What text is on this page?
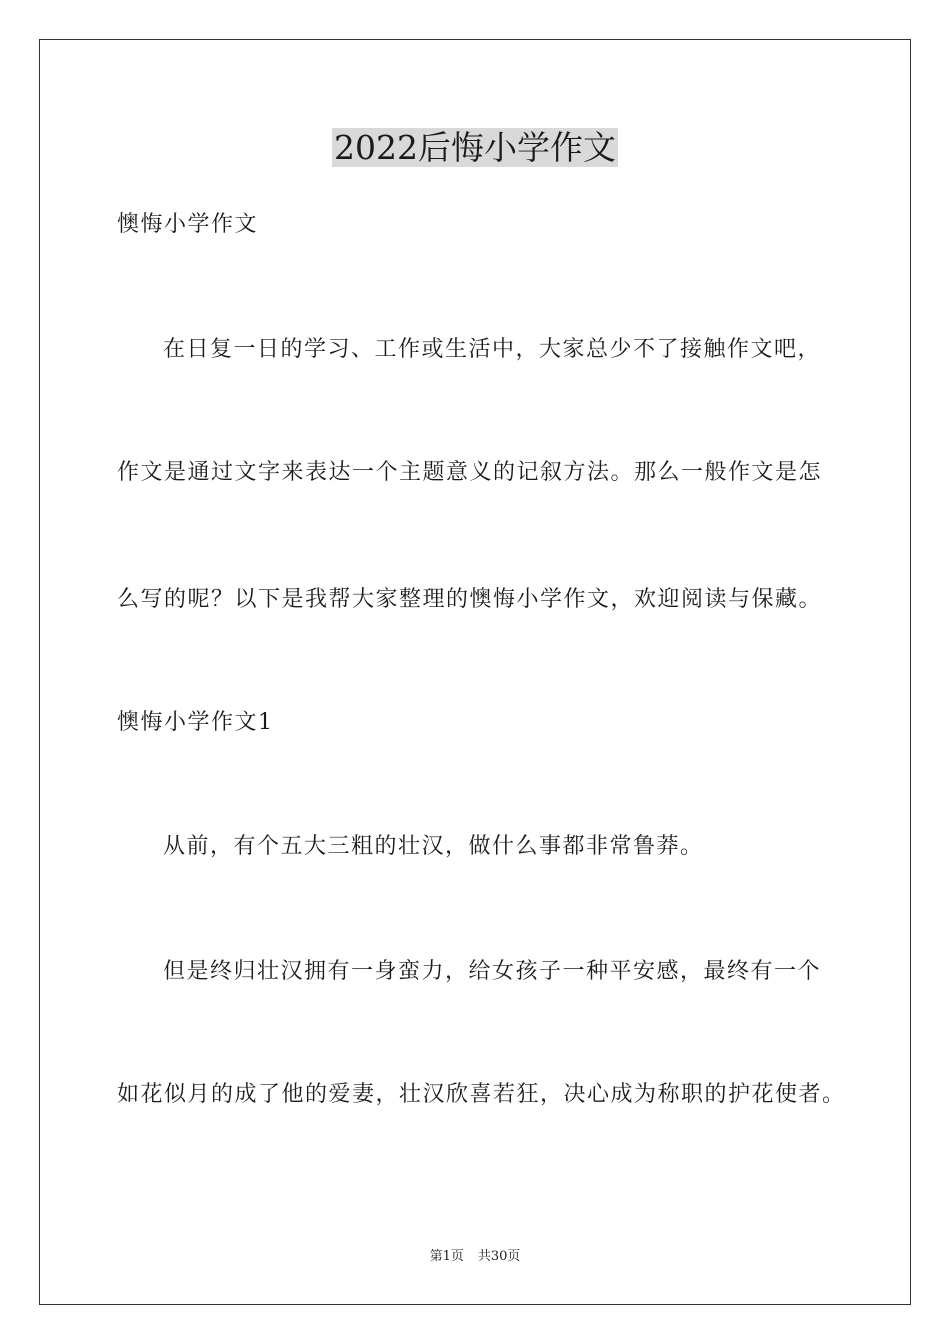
2022后悔小学作文
懊悔小学作文
在日复一日的学习、工作或生活中，大家总少不了接触作文吧，
作文是通过文字来表达一个主题意义的记叙方法。那么一般作文是怎
么写的呢？以下是我帮大家整理的懊悔小学作文，欢迎阅读与保藏。
懊悔小学作文1
从前，有个五大三粗的壮汉，做什么事都非常鲁莽。
但是终归壮汉拥有一身蛮力，给女孩子一种平安感，最终有一个
如花似月的成了他的爱妻，壮汉欣喜若狂，决心成为称职的护花使者。
第1页 共30页
